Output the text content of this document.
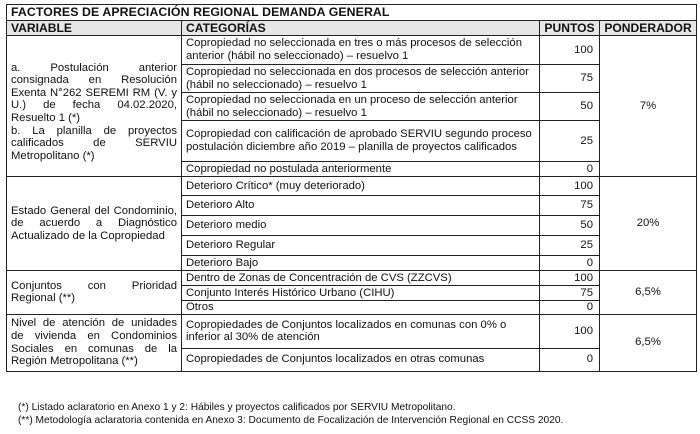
FACTORES DE APRECIACIÓN REGIONAL DEMANDA GENERAL			
VARIABLE	CATEGORÍAS	PUNTOS	PONDERADOR

a. Postulación anterior consignada en Resolución Exenta N°262 SEREMI RM (V. y U.) de fecha 04.02.2020, Resuelto 1 (*)
b. La planilla de proyectos calificados de SERVIU Metropolitano (*)	Copropiedad no seleccionada en tres o más procesos de selección anterior (hábil no seleccionado) – resuelvo 1	100	7%
	Copropiedad no seleccionada en dos procesos de selección anterior (hábil no seleccionado) – resuelvo 1	75	
	Copropiedad no seleccionada en un proceso de selección anterior (hábil no seleccionado) – resuelvo 1	50	
	Copropiedad con calificación de aprobado SERVIU segundo proceso postulación diciembre año 2019 – planilla de proyectos calificados	25	
	Copropiedad no postulada anteriormente	0	
Estado General del Condominio, de acuerdo a Diagnóstico Actualizado de la Copropiedad	Deterioro Crítico* (muy deteriorado)	100	20%
	Deterioro Alto	75	
	Deterioro medio	50	
	Deterioro Regular	25	
	Deterioro Bajo	0	
Conjuntos con Prioridad Regional (**)	Dentro de Zonas de Concentración de CVS (ZZCVS)	100	6,5%
	Conjunto Interés Histórico Urbano (CIHU)	75	
	Otros	0	
Nivel de atención de unidades de vivienda en Condominios Sociales en comunas de la Región Metropolitana (**)	Copropiedades de Conjuntos localizados en comunas con 0% o inferior al 30% de atención	100	6,5%
	Copropiedades de Conjuntos localizados en otras comunas	0	
(*) Listado aclaratorio en Anexo 1 y 2: Hábiles y proyectos calificados por SERVIU Metropolitano.
(**) Metodología aclaratoria contenida en Anexo 3: Documento de Focalización de Intervención Regional en CCSS 2020.
